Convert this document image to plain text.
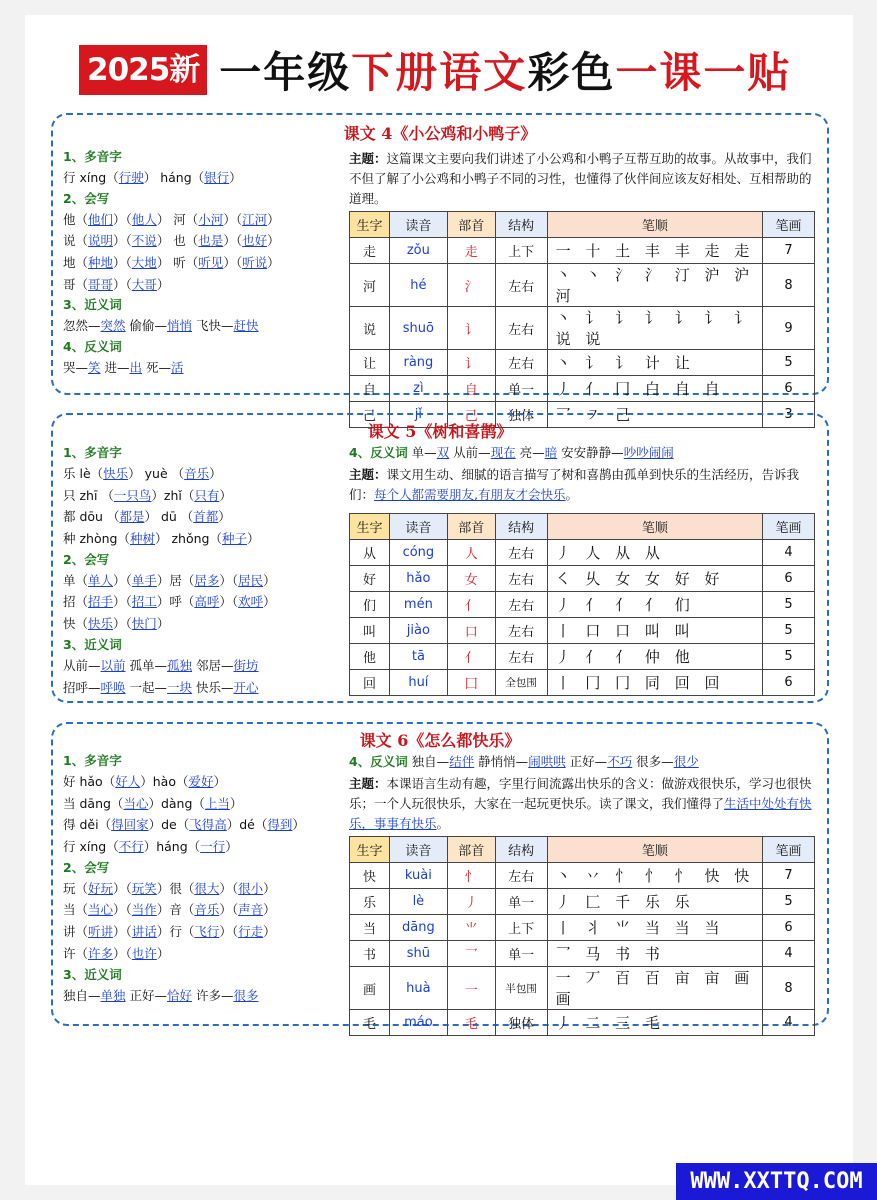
2025新 一年级 下册语文 彩色 一课一贴
课文 4《小公鸡和小鸭子》
1、多音字
行 xíng（行驶） háng（银行）
2、会写
他（他们）（他人） 河（小河）（江河）
说（说明）（不说） 也（也是）（也好）
地（种地）（大地） 听（听见）（听说）
哥（哥哥）（大哥）
3、近义词
忽然—突然 偷偷—悄悄 飞快—赶快
4、反义词
哭—笑 进—出 死—活
主题：这篇课文主要向我们讲述了小公鸡和小鸭子互帮互助的故事。从故事中，我们不但了解了小公鸡和小鸭子不同的习性，也懂得了伙伴间应该友好相处、互相帮助的道理。
生字	读音	部首	结构	笔顺	笔画
走	zǒu	走	上下	一 十 土 丰 丰 走 走	7
河	hé	氵	左右	丶 丶 氵 氵 汀 沪 沪 河	8
说	shuō	讠	左右	丶 讠 讠 讠 讠 讠 讠 说 说	9
让	ràng	讠	左右	丶 讠 讠 计 让	5
自	zì	自	单一	丿 亻 冂 白 自 自	6
己	jǐ	己	独体	乛 ㇇ 己	3
课文 5《树和喜鹊》
1、多音字
乐 lè（快乐） yuè （音乐）
只 zhī （一只鸟）zhǐ（只有）
都 dōu （都是） dū （首都）
种 zhòng（种树） zhǒng（种子）
2、会写
单（单人）（单手）居（居多）（居民）
招（招手）（招工）呼（高呼）（欢呼）
快（快乐）（快门）
3、近义词
从前—以前 孤单—孤独 邻居—街坊
招呼—呼唤 一起—一块 快乐—开心
4、反义词 单—双 从前—现在 亮—暗 安安静静—吵吵闹闹
主题：课文用生动、细腻的语言描写了树和喜鹊由孤单到快乐的生活经历，告诉我们：每个人都需要朋友,有朋友才会快乐。
生字	读音	部首	结构	笔顺	笔画
从	cóng	人	左右	丿 人 从 从	4
好	hǎo	女	左右	㇛ 乆 女 女 好 好	6
们	mén	亻	左右	丿 亻 亻 亻 们	5
叫	jiào	口	左右	丨 口 口 叫 叫	5
他	tā	亻	左右	丿 亻 亻 仲 他	5
回	huí	囗	全包围	丨 冂 冂 同 回 回	6
课文 6《怎么都快乐》
1、多音字
好 hǎo（好人）hào（爱好）
当 dāng（当心）dàng（上当）
得 děi（得回家）de（飞得高）dé（得到）
行 xíng（不行）háng（一行）
2、会写
玩（好玩）（玩笑）很（很大）（很小）
当（当心）（当作）音（音乐）（声音）
讲（听讲）（讲话）行（飞行）（行走）
许（许多）（也许）
3、近义词
独自—单独 正好—恰好 许多—很多
4、反义词 独自—结伴 静悄悄—闹哄哄 正好—不巧 很多—很少
主题：本课语言生动有趣，字里行间流露出快乐的含义：做游戏很快乐，学习也很快乐；一个人玩很快乐，大家在一起玩更快乐。读了课文，我们懂得了生活中处处有快乐，事事有快乐。
生字	读音	部首	结构	笔顺	笔画
快	kuài	忄	左右	丶 丷 忄 忄 忄 快 快	7
乐	lè	丿	单一	丿 匚 千 乐 乐	5
当	dāng	⺌	上下	丨 丬 ⺌ 当 当 当	6
书	shū	乛	单一	乛 马 书 书	4
画	huà	一	半包围	一 丆 百 百 亩 亩 画 画	8
毛	máo	毛	独体	丿 二 三 毛	4
WWW.XXTTQ.COM
